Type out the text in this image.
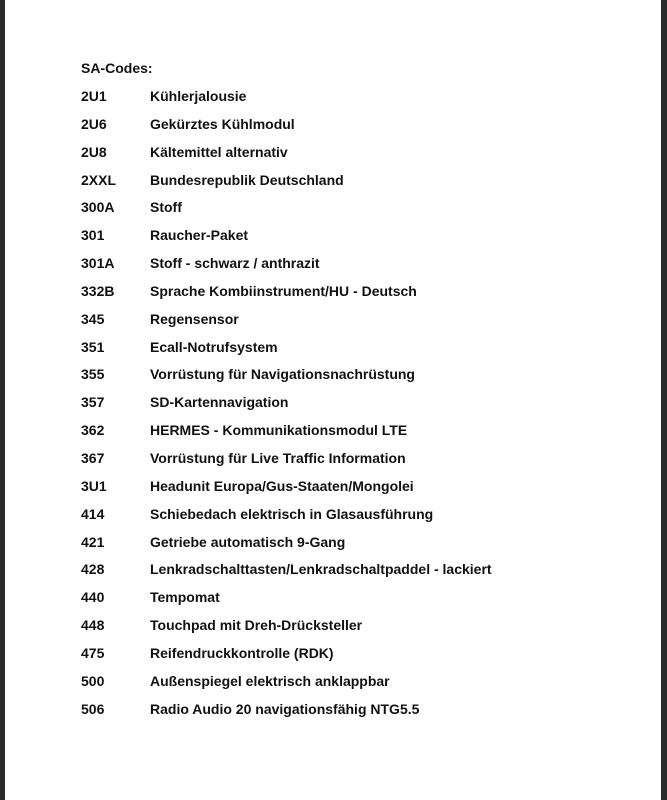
SA-Codes:
2U1	Kühlerjalousie
2U6	Gekürztes Kühlmodul
2U8	Kältemittel alternativ
2XXL Bundesrepublik Deutschland
300A	Stoff
301	Raucher-Paket
301A	Stoff - schwarz / anthrazit
332B	Sprache Kombiinstrument/HU - Deutsch
345	Regensensor
351	Ecall-Notrufsystem
355	Vorrüstung für Navigationsnachrüstung
357	SD-Kartennavigation
362	HERMES - Kommunikationsmodul LTE
367	Vorrüstung für Live Traffic Information
3U1	Headunit Europa/Gus-Staaten/Mongolei
414	Schiebedach elektrisch in Glasausführung
421	Getriebe automatisch 9-Gang
428	Lenkradschalttasten/Lenkradschaltpaddel - lackiert
440	Tempomat
448	Touchpad mit Dreh-Drücksteller
475	Reifendruckkontrolle (RDK)
500	Außenspiegel elektrisch anklappbar
506	Radio Audio 20 navigationsfähig NTG5.5
